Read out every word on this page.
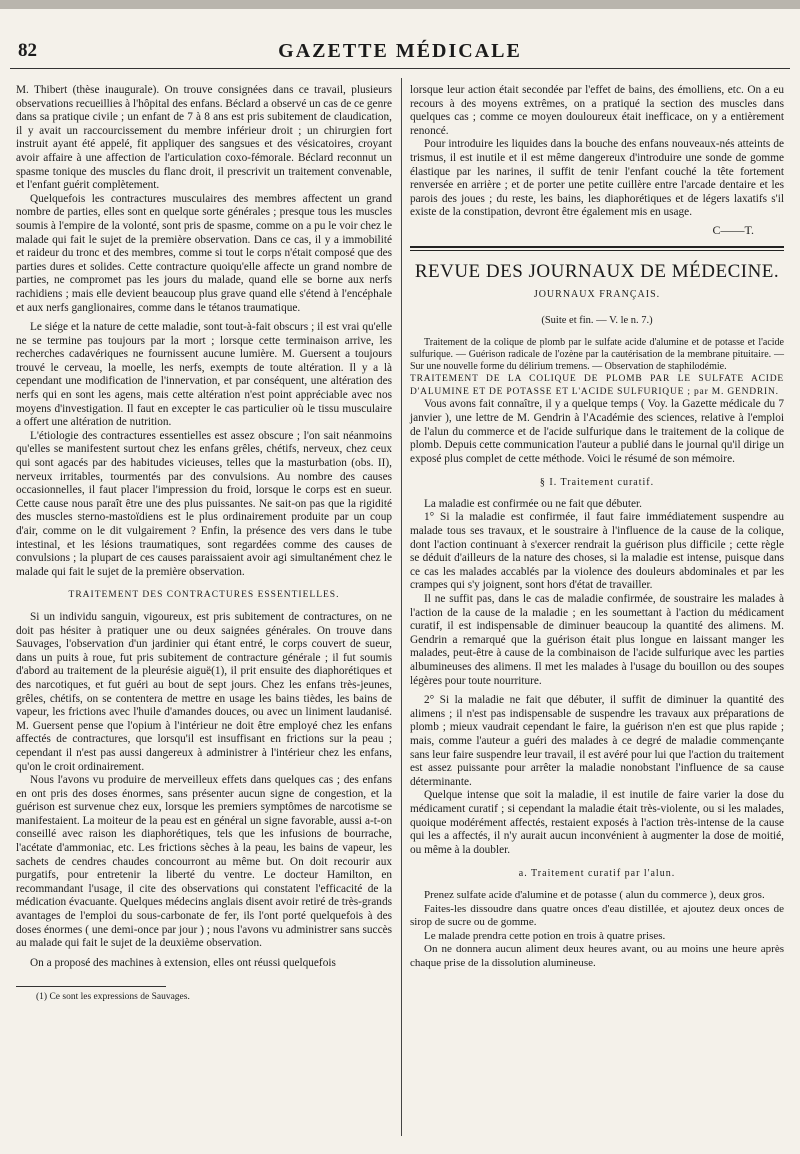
82	GAZETTE MÉDICALE

M. Thibert (thèse inaugurale). On trouve consignées dans ce travail, plusieurs observations recueillies à l'hôpital des enfans. Béclard a observé un cas de ce genre dans sa pratique civile ; un enfant de 7 à 8 ans est pris subitement de claudication, il y avait un raccourcissement du membre inférieur droit ; un chirurgien fort instruit ayant été appelé, fit appliquer des sangsues et des vésicatoires, croyant avoir affaire à une affection de l'articulation coxo-fémorale. Béclard reconnut un spasme tonique des muscles du flanc droit, il prescrivit un traitement convenable, et l'enfant guérit complètement.

Quelquefois les contractures musculaires des membres affectent un grand nombre de parties, elles sont en quelque sorte générales ; presque tous les muscles soumis à l'empire de la volonté, sont pris de spasme, comme on a pu le voir chez le malade qui fait le sujet de la première observation. Dans ce cas, il y a immobilité et raideur du tronc et des membres, comme si tout le corps n'était composé que des parties dures et solides. Cette contracture quoiqu'elle affecte un grand nombre de parties, ne compromet pas les jours du malade, quand elle se borne aux nerfs rachidiens ; mais elle devient beaucoup plus grave quand elle s'étend à l'encéphale et aux nerfs ganglionaires, comme dans le tétanos traumatique.

Le siége et la nature de cette maladie, sont tout-à-fait obscurs ; il est vrai qu'elle ne se termine pas toujours par la mort ; lorsque cette terminaison arrive, les recherches cadavériques ne fournissent aucune lumière. M. Guersent a toujours trouvé le cerveau, la moelle, les nerfs, exempts de toute altération. Il y a là cependant une modification de l'innervation, et par conséquent, une altération des nerfs qui en sont les agens, mais cette altération n'est point appréciable avec nos moyens d'investigation. Il faut en excepter le cas particulier où le tissu musculaire a offert une altération de nutrition.

L'étiologie des contractures essentielles est assez obscure ; l'on sait néanmoins qu'elles se manifestent surtout chez les enfans grêles, chétifs, nerveux, chez ceux qui sont agacés par des habitudes vicieuses, telles que la masturbation (obs. II), nerveux irritables, tourmentés par des convulsions. Au nombre des causes occasionnelles, il faut placer l'impression du froid, lorsque le corps est en sueur. Cette cause nous paraît être une des plus puissantes. Ne sait-on pas que la rigidité des muscles sterno-mastoïdiens est le plus ordinairement produite par un coup d'air, comme on le dit vulgairement ? Enfin, la présence des vers dans le tube intestinal, et les lésions traumatiques, sont regardées comme des causes de convulsions ; la plupart de ces causes paraissaient avoir agi simultanément chez le malade qui fait le sujet de la première observation.

TRAITEMENT DES CONTRACTURES ESSENTIELLES.

Si un individu sanguin, vigoureux, est pris subitement de contractures, on ne doit pas hésiter à pratiquer une ou deux saignées générales. On trouve dans Sauvages, l'observation d'un jardinier qui étant entré, le corps couvert de sueur, dans un puits à roue, fut pris subitement de contracture générale ; il fut soumis d'abord au traitement de la pleurésie aiguë(1), il prit ensuite des diaphorétiques et des narcotiques, et fut guéri au bout de sept jours. Chez les enfans très-jeunes, grêles, chétifs, on se contentera de mettre en usage les bains tièdes, les bains de vapeur, les frictions avec l'huile d'amandes douces, ou avec un liniment laudanisé. M. Guersent pense que l'opium à l'intérieur ne doit être employé chez les enfans affectés de contractures, que lorsqu'il est insuffisant en frictions sur la peau ; cependant il n'est pas aussi dangereux à administrer à l'intérieur chez les enfans, qu'on le croit ordinairement.

Nous l'avons vu produire de merveilleux effets dans quelques cas ; des enfans en ont pris des doses énormes, sans présenter aucun signe de congestion, et la guérison est survenue chez eux, lorsque les premiers symptômes de narcotisme se manifestaient. La moiteur de la peau est en général un signe favorable, aussi a-t-on conseillé avec raison les diaphorétiques, tels que les infusions de bourrache, l'acétate d'ammoniac, etc. Les frictions sèches à la peau, les bains de vapeur, les sachets de cendres chaudes concourront au même but. On doit recourir aux purgatifs, pour entretenir la liberté du ventre. Le docteur Hamilton, en recommandant l'usage, il cite des observations qui constatent l'efficacité de la médication évacuante. Quelques médecins anglais disent avoir retiré de très-grands avantages de l'emploi du sous-carbonate de fer, ils l'ont porté quelquefois à des doses énormes ( une demi-once par jour ) ; nous l'avons vu administrer sans succès au malade qui fait le sujet de la deuxième observation.

On a proposé des machines à extension, elles ont réussi quelquefois

(1) Ce sont les expressions de Sauvages.

lorsque leur action était secondée par l'effet de bains, des émolliens, etc. On a eu recours à des moyens extrêmes, on a pratiqué la section des muscles dans quelques cas ; comme ce moyen douloureux était inefficace, on y a entièrement renoncé.

Pour introduire les liquides dans la bouche des enfans nouveaux-nés atteints de trismus, il est inutile et il est même dangereux d'introduire une sonde de gomme élastique par les narines, il suffit de tenir l'enfant couché la tête fortement renversée en arrière ; et de porter une petite cuillère entre l'arcade dentaire et les parois des joues ; du reste, les bains, les diaphorétiques et de légers laxatifs s'il existe de la constipation, devront être également mis en usage.

C——T.
REVUE DES JOURNAUX DE MÉDECINE.
JOURNAUX FRANÇAIS.
(Suite et fin. — V. le n. 7.)

Traitement de la colique de plomb par le sulfate acide d'alumine et de potasse et l'acide sulfurique. — Guérison radicale de l'ozène par la cautérisation de la membrane pituitaire. — Sur une nouvelle forme du délirium tremens. — Observation de staphilodémie.

TRAITEMENT DE LA COLIQUE DE PLOMB PAR LE SULFATE ACIDE D'ALUMINE ET DE POTASSE ET L'ACIDE SULFURIQUE ; par M. GENDRIN.

Vous avons fait connaître, il y a quelque temps ( Voy. la Gazette médicale du 7 janvier ), une lettre de M. Gendrin à l'Académie des sciences, relative à l'emploi de l'alun du commerce et de l'acide sulfurique dans le traitement de la colique de plomb. Depuis cette communication l'auteur a publié dans le journal qu'il dirige un exposé plus complet de cette méthode. Voici le résumé de son mémoire.

§ I. Traitement curatif.

La maladie est confirmée ou ne fait que débuter.

1° Si la maladie est confirmée, il faut faire immédiatement suspendre au malade tous ses travaux, et le soustraire à l'influence de la cause de la colique, dont l'action continuant à s'exercer rendrait la guérison plus difficile ; cette règle se déduit d'ailleurs de la nature des choses, si la maladie est intense, puisque dans ce cas les malades accablés par la violence des douleurs abdominales et par les crampes qui s'y joignent, sont hors d'état de travailler.

Il ne suffit pas, dans le cas de maladie confirmée, de soustraire les malades à l'action de la cause de la maladie ; en les soumettant à l'action du médicament curatif, il est indispensable de diminuer beaucoup la quantité des alimens. M. Gendrin a remarqué que la guérison était plus longue en laissant manger les malades, peut-être à cause de la combinaison de l'acide sulfurique avec les parties albumineuses des alimens. Il met les malades à l'usage du bouillon ou des soupes légères pour toute nourriture.

2° Si la maladie ne fait que débuter, il suffit de diminuer la quantité des alimens ; il n'est pas indispensable de suspendre les travaux aux préparations de plomb ; mieux vaudrait cependant le faire, la guérison n'en est que plus rapide ; mais, comme l'auteur a guéri des malades à ce degré de maladie commençante sans leur faire suspendre leur travail, il est avéré pour lui que l'action du traitement est assez puissante pour arrêter la maladie nonobstant l'influence de sa cause déterminante.

Quelque intense que soit la maladie, il est inutile de faire varier la dose du médicament curatif ; si cependant la maladie était très-violente, ou si les malades, quoique modérément affectés, restaient exposés à l'action très-intense de la cause qui les a affectés, il n'y aurait aucun inconvénient à augmenter la dose de moitié, ou même à la doubler.

a. Traitement curatif par l'alun.

Prenez sulfate acide d'alumine et de potasse ( alun du commerce ), deux gros.

Faites-les dissoudre dans quatre onces d'eau distillée, et ajoutez deux onces de sirop de sucre ou de gomme.

Le malade prendra cette potion en trois à quatre prises.

On ne donnera aucun aliment deux heures avant, ou au moins une heure après chaque prise de la dissolution alumineuse.
